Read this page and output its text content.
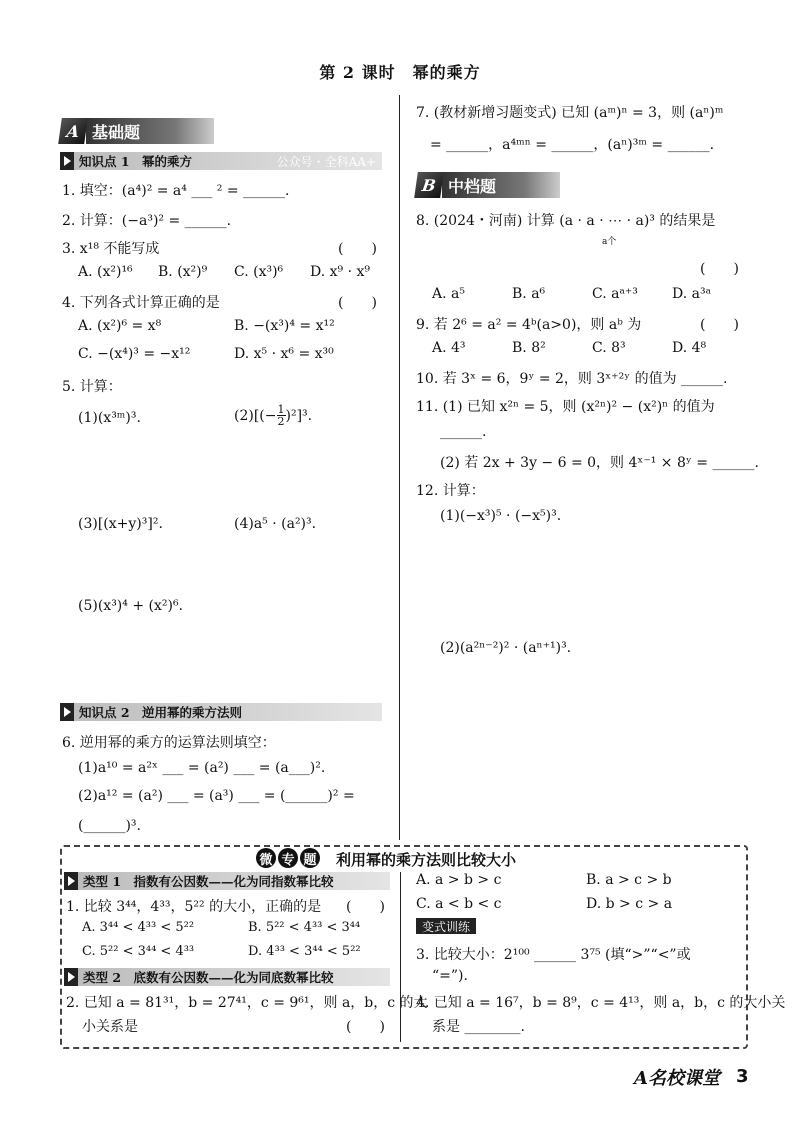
第 2 课时　幂的乘方
A 基础题
知识点 1　幂的乘方	公众号・全科AA+
1. 填空：(a⁴)² = a⁴ ___ ² = ______.
2. 计算：(−a³)² = ______.
3. x¹⁸ 不能写成	(　　)
A. (x²)¹⁶ B. (x²)⁹ C. (x³)⁶ D. x⁹ · x⁹
4. 下列各式计算正确的是	(　　)
A. (x²)⁶ = x⁸	B. −(x³)⁴ = x¹²
C. −(x⁴)³ = −x¹²	D. x⁵ · x⁶ = x³⁰
5. 计算：
(1)(x³ᵐ)³.	$(2)[(- \frac{1}{2} )^2]^3$.
(3)[(x+y)³]².	(4)a⁵ · (a²)³.
(5)(x³)⁴ + (x²)⁶.
知识点 2　逆用幂的乘方法则
6. 逆用幂的乘方的运算法则填空：
(1)a¹⁰ = a²ˣ ___ = (a²) ___ = (a___)².
(2)a¹² = (a²) ___ = (a³) ___ = (______)² =
(______)³.
7. (教材新增习题变式) 已知 (aᵐ)ⁿ = 3，则 (aⁿ)ᵐ
= ______，a⁴ᵐⁿ = ______，(aⁿ)³ᵐ = ______.
B 中档题
8. (2024・河南) 计算 (a · a · ⋯ · a)³ 的结果是
a个
(　　)
A. a⁵	B. a⁶	C. aᵃ⁺³ D. a³ᵃ
9. 若 2⁶ = a² = 4ᵇ(a>0)，则 aᵇ 为	(　　)
A. 4³	B. 8²	C. 8³	D. 4⁸
10. 若 3ˣ = 6，9ʸ = 2，则 3ˣ⁺²ʸ 的值为 ______.
11. (1) 已知 x²ⁿ = 5，则 (x²ⁿ)² − (x²)ⁿ 的值为
______.
(2) 若 2x + 3y − 6 = 0，则 4ˣ⁻¹ × 8ʸ = ______.
12. 计算：
(1)(−x³)⁵ · (−x⁵)³.
(2)(a²ⁿ⁻²)² · (aⁿ⁺¹)³.
微 专 题 利用幂的乘方法则比较大小
类型 1　指数有公因数——化为同指数幂比较
1. 比较 3⁴⁴，4³³，5²² 的大小，正确的是 (　　)
A. 3⁴⁴ < 4³³ < 5²²	B. 5²² < 4³³ < 3⁴⁴
C. 5²² < 3⁴⁴ < 4³³	D. 4³³ < 3⁴⁴ < 5²²
类型 2　底数有公因数——化为同底数幂比较
2. 已知 a = 81³¹，b = 27⁴¹，c = 9⁶¹，则 a，b，c 的大
小关系是	(　　)
A. a > b > c	B. a > c > b
C. a < b < c	D. b > c > a
变式训练
3. 比较大小：2¹⁰⁰ ______ 3⁷⁵ (填“>”“<”或
“=”).
4. 已知 a = 16⁷，b = 8⁹，c = 4¹³，则 a，b，c 的大小关
系是 ________.
A名校课堂 3
